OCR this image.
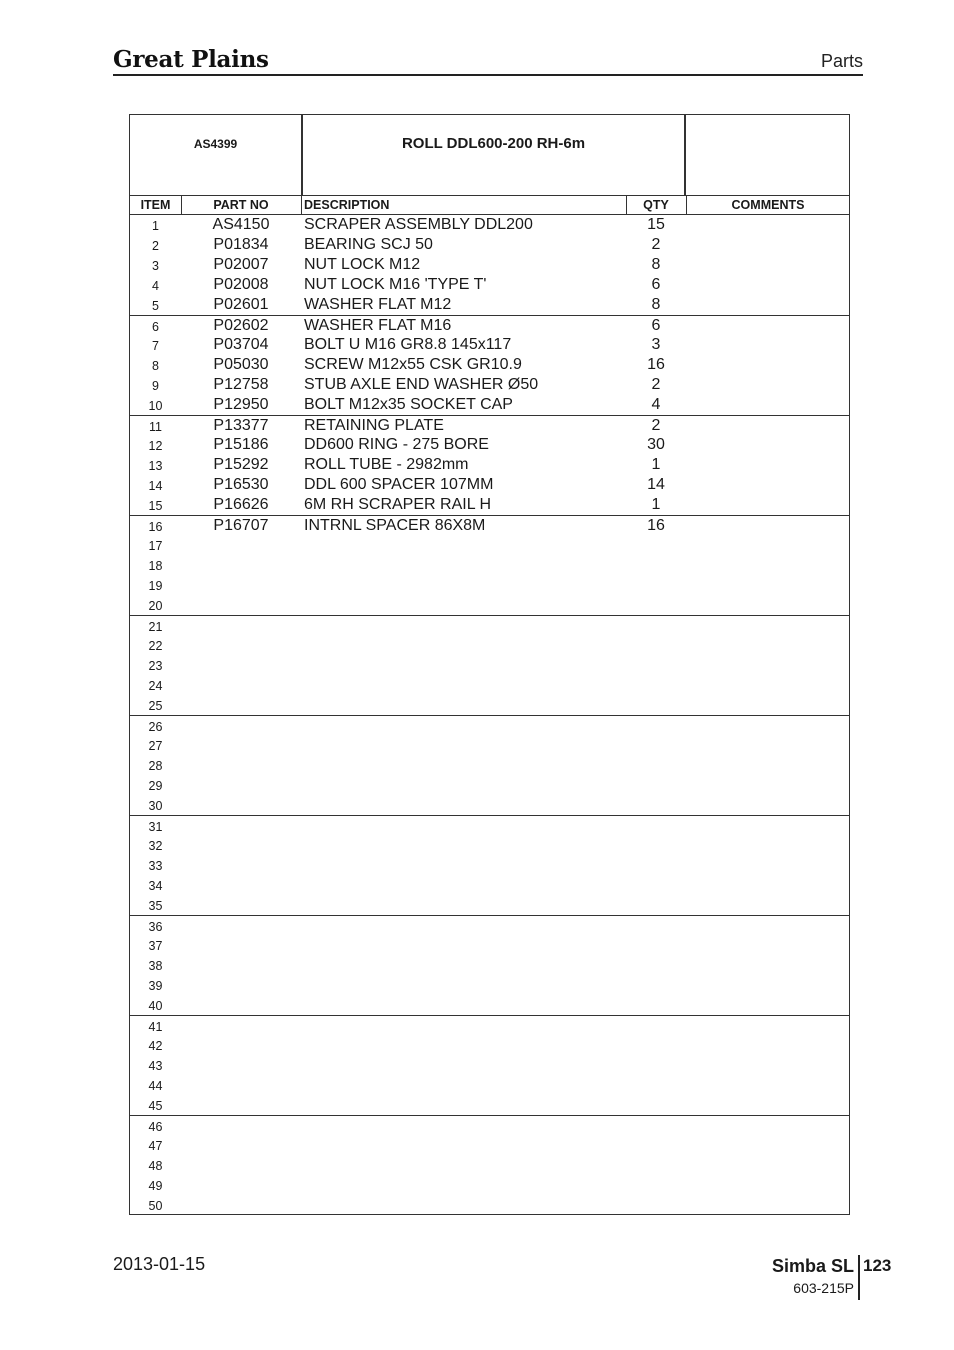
Great Plains	Parts
AS4399	ROLL DDL600-200 RH-6m
ITEM	PART NO	DESCRIPTION	QTY	COMMENTS
1	AS4150	SCRAPER ASSEMBLY DDL200	15
2	P01834	BEARING SCJ 50	2
3	P02007	NUT LOCK M12	8
4	P02008	NUT LOCK M16 'TYPE T'	6
5	P02601	WASHER FLAT M12	8
6	P02602	WASHER FLAT M16	6
7	P03704	BOLT U M16 GR8.8 145x117	3
8	P05030	SCREW M12x55 CSK GR10.9	16
9	P12758	STUB AXLE END WASHER Ø50	2
10	P12950	BOLT M12x35 SOCKET CAP	4
11	P13377	RETAINING PLATE	2
12	P15186	DD600 RING - 275 BORE	30
13	P15292	ROLL TUBE - 2982mm	1
14	P16530	DDL 600 SPACER 107MM	14
15	P16626	6M RH SCRAPER RAIL H	1
16	P16707	INTRNL SPACER 86X8M	16
17
18
19
20
21
22
23
24
25
26
27
28
29
30
31
32
33
34
35
36
37
38
39
40
41
42
43
44
45
46
47
48
49
50
2013-01-15	Simba SL
603-215P
123
